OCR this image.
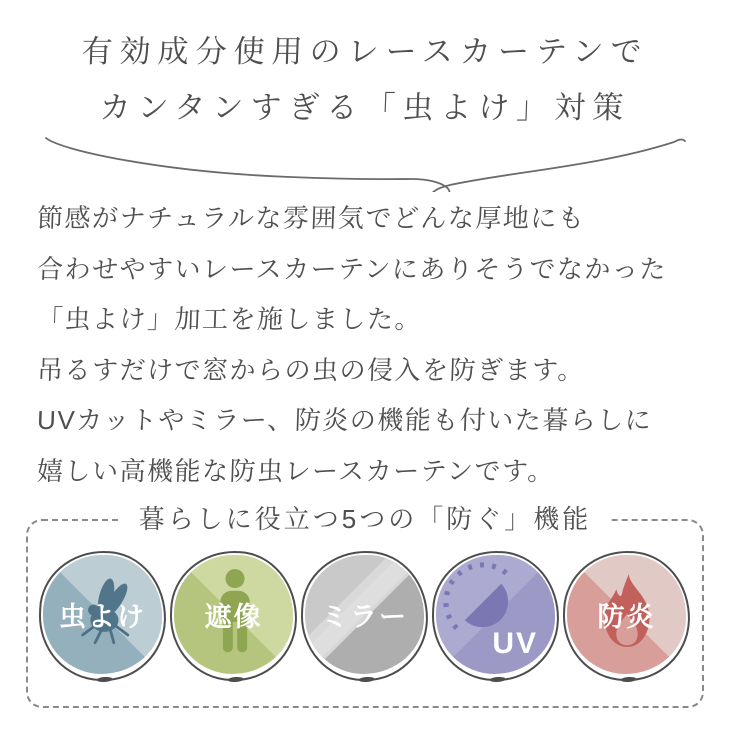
有効成分使用のレースカーテンで

カンタンすぎる「虫よけ」対策

節感がナチュラルな雰囲気でどんな厚地にも

合わせやすいレースカーテンにありそうでなかった

「虫よけ」加工を施しました。

吊るすだけで窓からの虫の侵入を防ぎます。

UVカットやミラー、防炎の機能も付いた暮らしに

嬉しい高機能な防虫レースカーテンです。

暮らしに役立つ5つの「防ぐ」機能
虫よけ	遮像	ミラー
UV
防炎
